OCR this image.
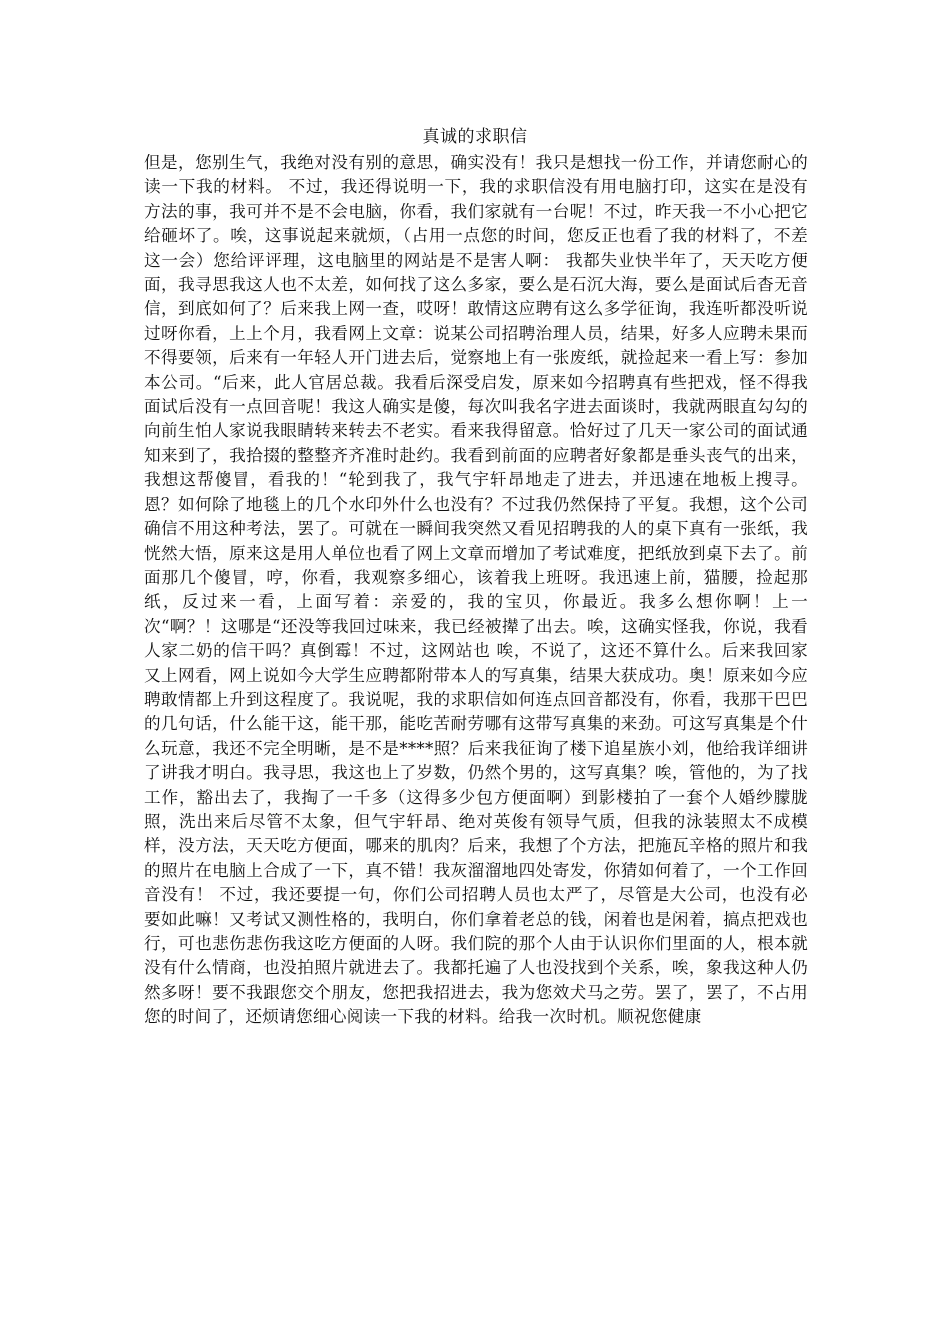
真诚的求职信
但是，您别生气，我绝对没有别的意思，确实没有！我只是想找一份工作，并请您耐心的读一下我的材料。 不过，我还得说明一下，我的求职信没有用电脑打印，这实在是没有方法的事，我可并不是不会电脑，你看，我们家就有一台呢！不过，昨天我一不小心把它给砸坏了。唉，这事说起来就烦，（占用一点您的时间，您反正也看了我的材料了，不差这一会）您给评评理，这电脑里的网站是不是害人啊： 我都失业快半年了，天天吃方便面，我寻思我这人也不太差，如何找了这么多家，要么是石沉大海，要么是面试后杳无音信，到底如何了？后来我上网一查，哎呀！敢情这应聘有这么多学征询，我连听都没听说过呀你看，上上个月，我看网上文章：说某公司招聘治理人员，结果，好多人应聘未果而不得要领，后来有一年轻人开门进去后，觉察地上有一张废纸，就捡起来一看上写：参加本公司。“后来，此人官居总裁。我看后深受启发，原来如今招聘真有些把戏，怪不得我面试后没有一点回音呢！我这人确实是傻，每次叫我名字进去面谈时，我就两眼直勾勾的向前生怕人家说我眼睛转来转去不老实。看来我得留意。恰好过了几天一家公司的面试通知来到了，我拾掇的整整齐齐准时赴约。我看到前面的应聘者好象都是垂头丧气的出来，我想这帮傻冒，看我的！“轮到我了，我气宇轩昂地走了进去，并迅速在地板上搜寻。恩？如何除了地毯上的几个水印外什么也没有？不过我仍然保持了平复。我想，这个公司确信不用这种考法，罢了。可就在一瞬间我突然又看见招聘我的人的桌下真有一张纸，我恍然大悟，原来这是用人单位也看了网上文章而增加了考试难度，把纸放到桌下去了。前面那几个傻冒，哼，你看，我观察多细心，该着我上班呀。我迅速上前，猫腰，捡起那纸，反过来一看，上面写着：亲爱的，我的宝贝，你最近。我多么想你啊！上一次“啊？！这哪是“还没等我回过味来，我已经被撵了出去。唉，这确实怪我，你说，我看人家二奶的信干吗？真倒霉！不过，这网站也 唉，不说了，这还不算什么。后来我回家又上网看，网上说如今大学生应聘都附带本人的写真集，结果大获成功。奥！原来如今应聘敢情都上升到这程度了。我说呢，我的求职信如何连点回音都没有，你看，我那干巴巴的几句话，什么能干这，能干那，能吃苦耐劳哪有这带写真集的来劲。可这写真集是个什么玩意，我还不完全明晰，是不是****照？后来我征询了楼下追星族小刘，他给我详细讲了讲我才明白。我寻思，我这也上了岁数，仍然个男的，这写真集？唉，管他的，为了找工作，豁出去了，我掏了一千多（这得多少包方便面啊）到影楼拍了一套个人婚纱朦胧照，洗出来后尽管不太象，但气宇轩昂、绝对英俊有领导气质，但我的泳装照太不成模样，没方法，天天吃方便面，哪来的肌肉？后来，我想了个方法，把施瓦辛格的照片和我的照片在电脑上合成了一下，真不错！我灰溜溜地四处寄发，你猜如何着了，一个工作回音没有！ 不过，我还要提一句，你们公司招聘人员也太严了，尽管是大公司，也没有必要如此嘛！又考试又测性格的，我明白，你们拿着老总的钱，闲着也是闲着，搞点把戏也行，可也悲伤悲伤我这吃方便面的人呀。我们院的那个人由于认识你们里面的人，根本就没有什么情商，也没拍照片就进去了。我都托遍了人也没找到个关系，唉，象我这种人仍然多呀！要不我跟您交个朋友，您把我招进去，我为您效犬马之劳。罢了，罢了，不占用您的时间了，还烦请您细心阅读一下我的材料。给我一次时机。顺祝您健康
